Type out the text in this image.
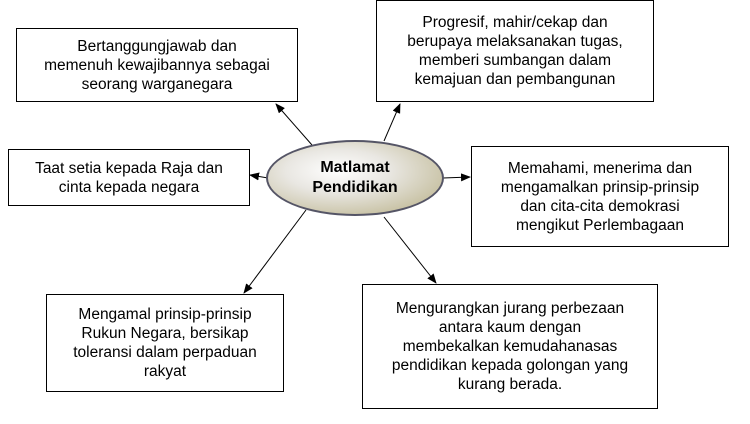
Matlamat
Pendidikan
Bertanggungjawab dan
memenuh kewajibannya sebagai
seorang warganegara
Progresif, mahir/cekap dan
berupaya melaksanakan tugas,
memberi sumbangan dalam
kemajuan dan pembangunan
Taat setia kepada Raja dan
cinta kepada negara
Memahami, menerima dan
mengamalkan prinsip-prinsip
dan cita-cita demokrasi
mengikut Perlembagaan
Mengamal prinsip-prinsip
Rukun Negara, bersikap
toleransi dalam perpaduan
rakyat
Mengurangkan jurang perbezaan
antara kaum dengan
membekalkan kemudahanasas
pendidikan kepada golongan yang
kurang berada.
